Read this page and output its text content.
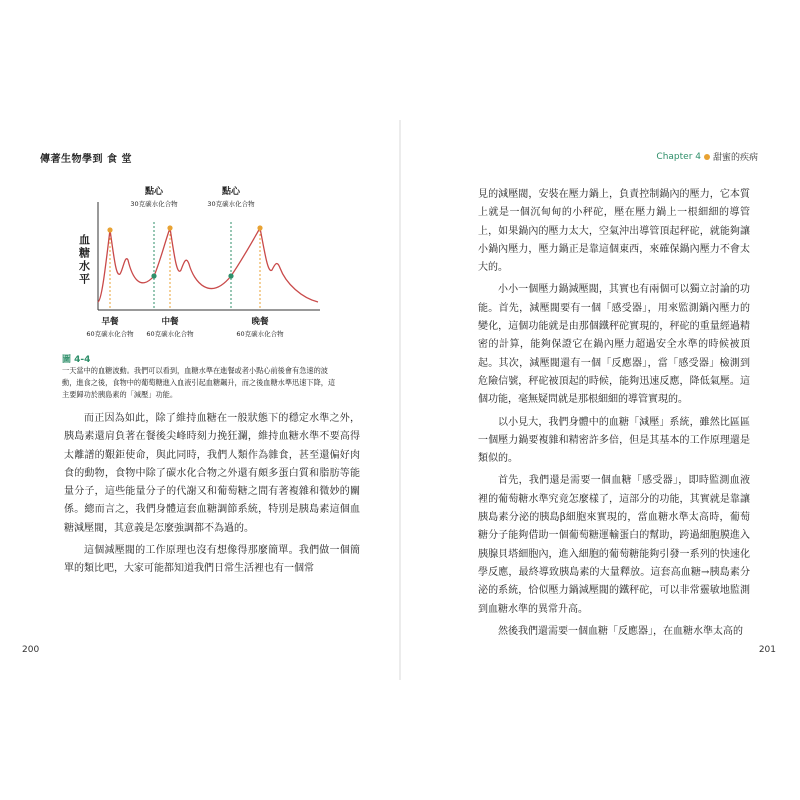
傳著生物學到 食 堂
血糖水平
點心
30克碳水化合物
點心
30克碳水化合物
早餐
60克碳水化合物
中餐
60克碳水化合物
晚餐
60克碳水化合物
圖 4-4
一天當中的血糖波動。我們可以看到，血糖水準在進餐或者小點心前後會有急速的波動，進食之後，食物中的葡萄糖進入血液引起血糖飆升，而之後血糖水準迅速下降，這主要歸功於胰島素的「減壓」功能。

而正因為如此，除了維持血糖在一般狀態下的穩定水準之外，胰島素還肩負著在餐後尖峰時刻力挽狂瀾，維持血糖水準不要高得太離譜的艱鉅使命，與此同時，我們人類作為雜食，甚至還偏好肉食的動物，食物中除了碳水化合物之外還有頗多蛋白質和脂肪等能量分子，這些能量分子的代謝又和葡萄糖之間有著複雜和微妙的關係。總而言之，我們身體這套血糖調節系統，特別是胰島素這個血糖減壓閥，其意義是怎麼強調都不為過的。

這個減壓閥的工作原理也沒有想像得那麼簡單。我們做一個簡單的類比吧，大家可能都知道我們日常生活裡也有一個常

200
Chapter 4 甜蜜的疾病

見的減壓閥，安裝在壓力鍋上，負責控制鍋內的壓力，它本質上就是一個沉甸甸的小秤砣，壓在壓力鍋上一根細細的導管上，如果鍋內的壓力太大，空氣沖出導管頂起秤砣，就能夠讓小鍋內壓力，壓力鍋正是靠這個東西，來確保鍋內壓力不會太大的。

小小一個壓力鍋減壓閥，其實也有兩個可以獨立討論的功能。首先，減壓閥要有一個「感受器」，用來監測鍋內壓力的變化，這個功能就是由那個鐵秤砣實現的，秤砣的重量經過精密的計算，能夠保證它在鍋內壓力超過安全水準的時候被頂起。其次，減壓閥還有一個「反應器」，當「感受器」檢測到危險信號，秤砣被頂起的時候，能夠迅速反應，降低氣壓。這個功能，毫無疑問就是那根細細的導管實現的。

以小見大，我們身體中的血糖「減壓」系統，雖然比區區一個壓力鍋要複雜和精密許多倍，但是其基本的工作原理還是類似的。

首先，我們還是需要一個血糖「感受器」，即時監測血液裡的葡萄糖水準究竟怎麼樣了，這部分的功能，其實就是靠讓胰島素分泌的胰島β細胞來實現的，當血糖水準太高時，葡萄糖分子能夠借助一個葡萄糖運輸蛋白的幫助，跨過細胞膜進入胰腺貝塔細胞內，進入細胞的葡萄糖能夠引發一系列的快速化學反應，最終導致胰島素的大量釋放。這套高血糖→胰島素分泌的系統，恰似壓力鍋減壓閥的鐵秤砣，可以非常靈敏地監測到血糖水準的異常升高。

然後我們還需要一個血糖「反應器」，在血糖水準太高的

201
